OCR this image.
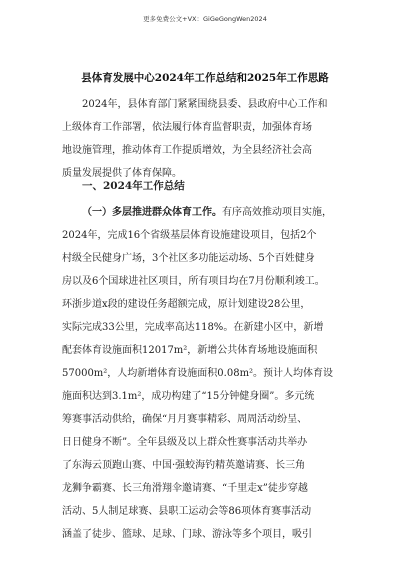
更多免费公文+VX：GiGeGongWen2024
县体育发展中心2024年工作总结和2025年工作思路
2024年，县体育部门紧紧围绕县委、县政府中心工作和
上级体育工作部署，依法履行体育监督职责，加强体育场
地设施管理，推动体育工作提质增效，为全县经济社会高
质量发展提供了体育保障。
一、2024年工作总结
（一）多层推进群众体育工作。有序高效推动项目实施，
2024年，完成16个省级基层体育设施建设项目，包括2个
村级全民健身广场，3个社区多功能运动场、5个百姓健身
房以及6个国球进社区项目，所有项目均在7月份顺利竣工。
环浙步道x段的建设任务超额完成，原计划建设28公里，
实际完成33公里，完成率高达118%。在新建小区中，新增
配套体育设施面积12017m²，新增公共体育场地设施面积
57000m²，人均新增体育设施面积0.08m²。预计人均体育设
施面积达到3.1m²，成功构建了“15分钟健身圈”。多元统
筹赛事活动供给，确保“月月赛事精彩、周周活动纷呈、
日日健身不断”。全年县级及以上群众性赛事活动共举办
了东海云顶跑山赛、中国·强蛟海钓精英邀请赛、长三角
龙狮争霸赛、长三角滑翔伞邀请赛、“千里走x”徒步穿越
活动、5人制足球赛、县职工运动会等86项体育赛事活动
涵盖了徒步、篮球、足球、门球、游泳等多个项目，吸引
